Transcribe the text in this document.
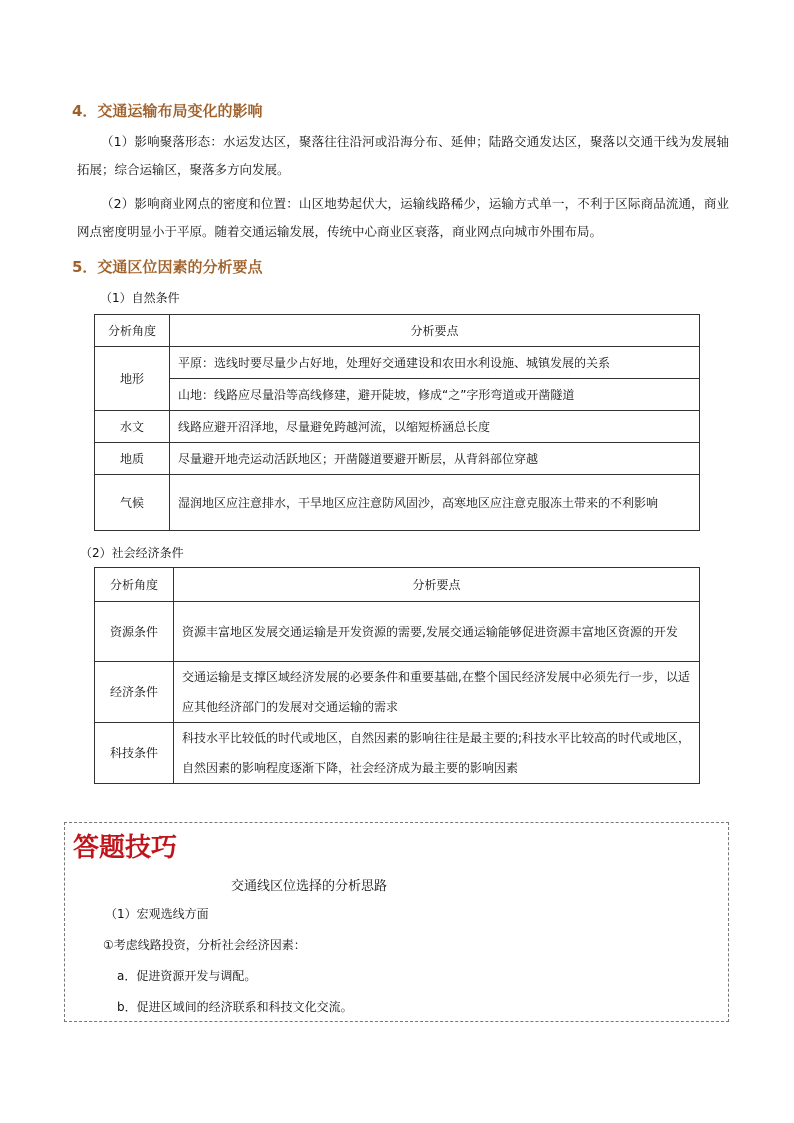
4．交通运输布局变化的影响

（1）影响聚落形态：水运发达区，聚落往往沿河或沿海分布、延伸；陆路交通发达区，聚落以交通干线为发展轴拓展；综合运输区，聚落多方向发展。

（2）影响商业网点的密度和位置：山区地势起伏大，运输线路稀少，运输方式单一，不利于区际商品流通，商业网点密度明显小于平原。随着交通运输发展，传统中心商业区衰落，商业网点向城市外围布局。

5．交通区位因素的分析要点

（1）自然条件

分析角度	分析要点
地形	平原：选线时要尽量少占好地，处理好交通建设和农田水利设施、城镇发展的关系
	山地：线路应尽量沿等高线修建，避开陡坡，修成“之”字形弯道或开凿隧道
水文	线路应避开沼泽地，尽量避免跨越河流，以缩短桥涵总长度
地质	尽量避开地壳运动活跃地区；开凿隧道要避开断层，从背斜部位穿越
气候	湿润地区应注意排水，干旱地区应注意防风固沙，高寒地区应注意克服冻土带来的不利影响

（2）社会经济条件

分析角度	分析要点
资源条件	资源丰富地区发展交通运输是开发资源的需要,发展交通运输能够促进资源丰富地区资源的开发
经济条件	交通运输是支撑区域经济发展的必要条件和重要基础,在整个国民经济发展中必须先行一步，以适应其他经济部门的发展对交通运输的需求
科技条件	科技水平比较低的时代或地区，自然因素的影响往往是最主要的;科技水平比较高的时代或地区，自然因素的影响程度逐渐下降，社会经济成为最主要的影响因素
答题技巧
交通线区位选择的分析思路
（1）宏观选线方面
①考虑线路投资，分析社会经济因素：
a．促进资源开发与调配。
b．促进区域间的经济联系和科技文化交流。
